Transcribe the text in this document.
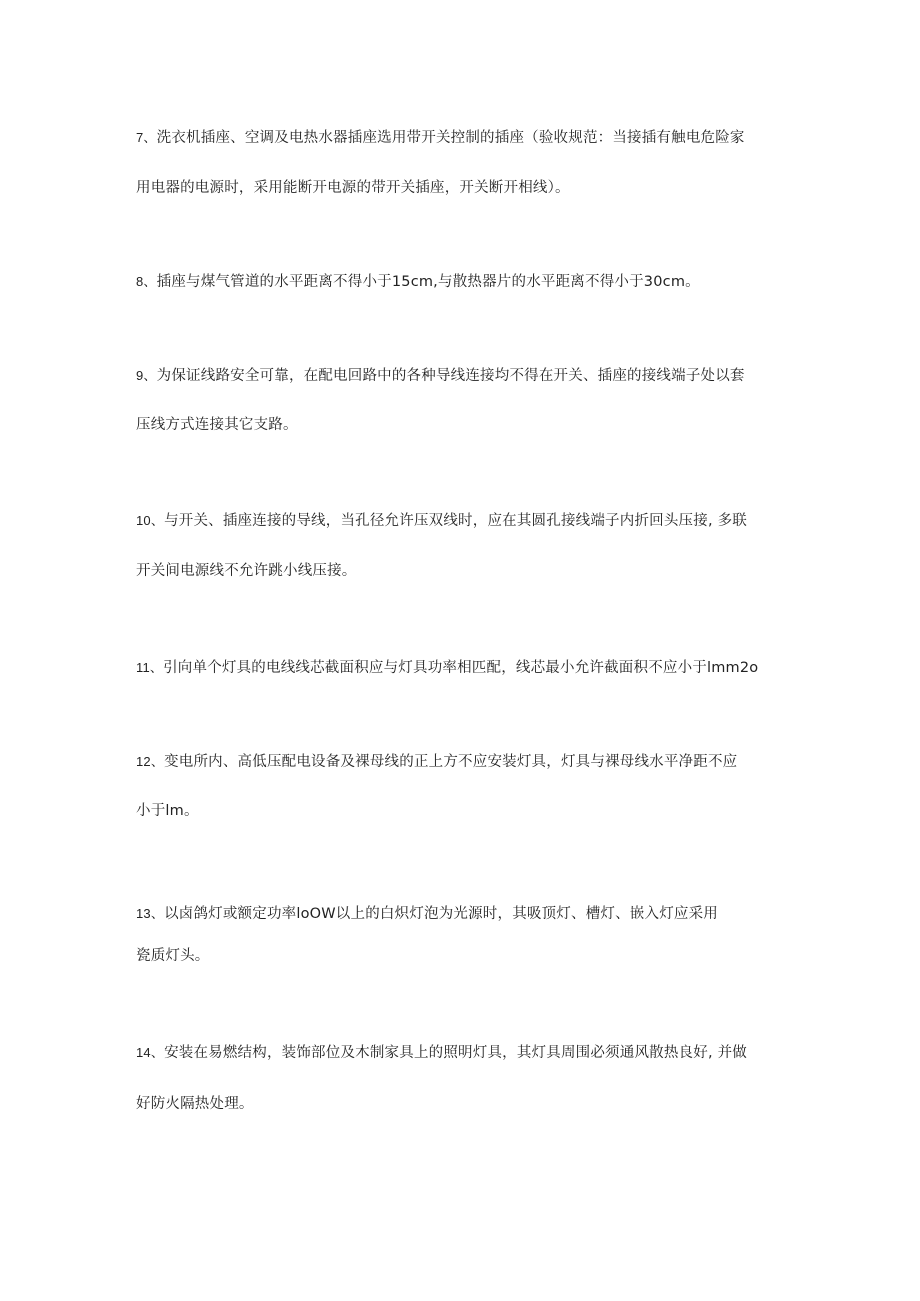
7、洗衣机插座、空调及电热水器插座选用带开关控制的插座（验收规范：当接插有触电危险家
用电器的电源时，采用能断开电源的带开关插座，开关断开相线）。
8、插座与煤气管道的水平距离不得小于15cm,与散热器片的水平距离不得小于30cm。
9、为保证线路安全可靠，在配电回路中的各种导线连接均不得在开关、插座的接线端子处以套
压线方式连接其它支路。
10、与开关、插座连接的导线，当孔径允许压双线时，应在其圆孔接线端子内折回头压接, 多联
开关间电源线不允许跳小线压接。
11、引向单个灯具的电线线芯截面积应与灯具功率相匹配，线芯最小允许截面积不应小于lmm2o
12、变电所内、高低压配电设备及裸母线的正上方不应安装灯具，灯具与裸母线水平净距不应
小于lm。
13、以卤鸽灯或额定功率loOW以上的白炽灯泡为光源时，其吸顶灯、槽灯、嵌入灯应采用
瓷质灯头。
14、安装在易燃结构，装饰部位及木制家具上的照明灯具，其灯具周围必须通风散热良好, 并做
好防火隔热处理。
